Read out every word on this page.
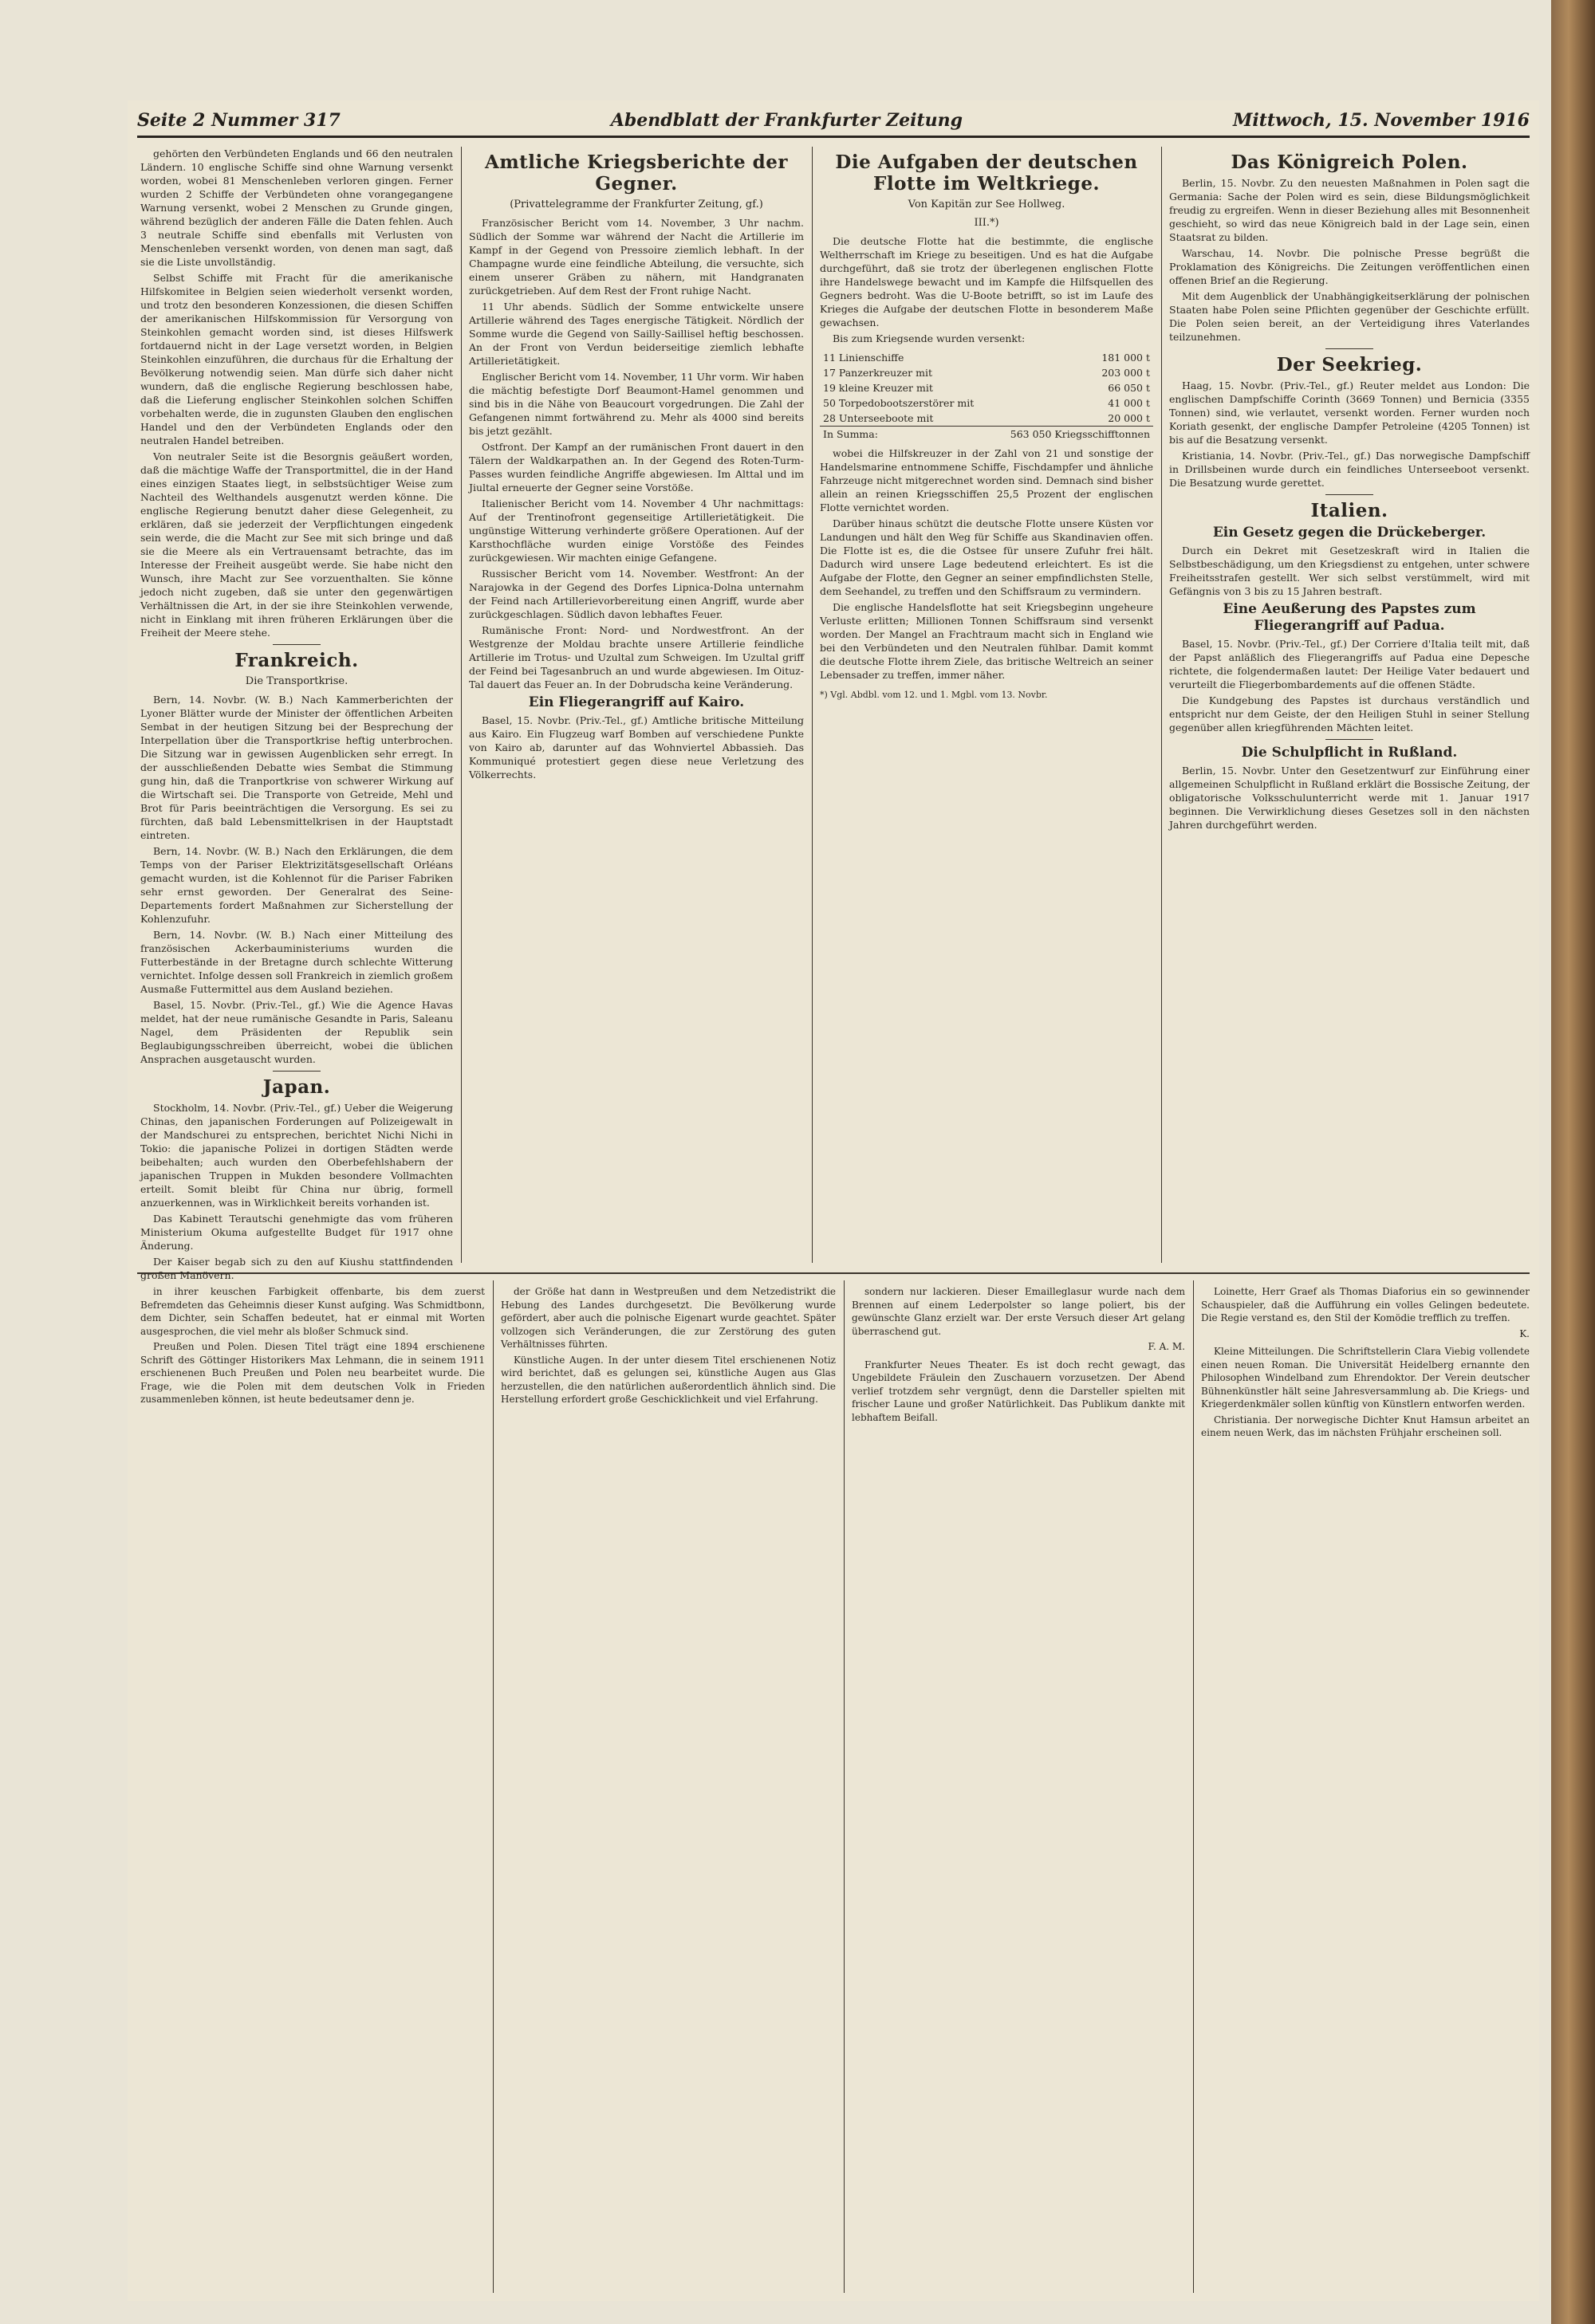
Seite 2 Nummer 317	Abendblatt der Frankfurter Zeitung	Mittwoch, 15. November 1916

gehörten den Verbündeten Englands und 66 den neutralen Ländern. 10 englische Schiffe sind ohne Warnung versenkt worden, wobei 81 Menschenleben verloren gingen. Ferner wurden 2 Schiffe der Verbündeten ohne vorangegangene Warnung versenkt, wobei 2 Menschen zu Grunde gingen, während bezüglich der anderen Fälle die Daten fehlen. Auch 3 neutrale Schiffe sind ebenfalls mit Verlusten von Menschenleben versenkt worden, von denen man sagt, daß sie die Liste unvollständig.

Selbst Schiffe mit Fracht für die amerikanische Hilfskomitee in Belgien seien wiederholt versenkt worden, und trotz den besonderen Konzessionen, die diesen Schiffen der amerikanischen Hilfskommission für Versorgung von Steinkohlen gemacht worden sind, ist dieses Hilfswerk fortdauernd nicht in der Lage versetzt worden, in Belgien Steinkohlen einzuführen, die durchaus für die Erhaltung der Bevölkerung notwendig seien. Man dürfe sich daher nicht wundern, daß die englische Regierung beschlossen habe, daß die Lieferung englischer Steinkohlen solchen Schiffen vorbehalten werde, die in zugunsten Glauben den englischen Handel und den der Verbündeten Englands oder den neutralen Handel betreiben.

Von neutraler Seite ist die Besorgnis geäußert worden, daß die mächtige Waffe der Transportmittel, die in der Hand eines einzigen Staates liegt, in selbstsüchtiger Weise zum Nachteil des Welthandels ausgenutzt werden könne. Die englische Regierung benutzt daher diese Gelegenheit, zu erklären, daß sie jederzeit der Verpflichtungen eingedenk sein werde, die die Macht zur See mit sich bringe und daß sie die Meere als ein Vertrauensamt betrachte, das im Interesse der Freiheit ausgeübt werde. Sie habe nicht den Wunsch, ihre Macht zur See vorzuenthalten. Sie könne jedoch nicht zugeben, daß sie unter den gegenwärtigen Verhältnissen die Art, in der sie ihre Steinkohlen verwende, nicht in Einklang mit ihren früheren Erklärungen über die Freiheit der Meere stehe.

Frankreich.
Die Transportkrise.

Bern, 14. Novbr. (W. B.) Nach Kammerberichten der Lyoner Blätter wurde der Minister der öffentlichen Arbeiten Sembat in der heutigen Sitzung bei der Besprechung der Interpellation über die Transportkrise heftig unterbrochen. Die Sitzung war in gewissen Augenblicken sehr erregt. In der ausschließenden Debatte wies Sembat die Stimmung gung hin, daß die Tranportkrise von schwerer Wirkung auf die Wirtschaft sei. Die Transporte von Getreide, Mehl und Brot für Paris beeinträchtigen die Versorgung. Es sei zu fürchten, daß bald Lebensmittelkrisen in der Hauptstadt eintreten.

Bern, 14. Novbr. (W. B.) Nach den Erklärungen, die dem Temps von der Pariser Elektrizitätsgesellschaft Orléans gemacht wurden, ist die Kohlennot für die Pariser Fabriken sehr ernst geworden. Der Generalrat des Seine-Departements fordert Maßnahmen zur Sicherstellung der Kohlenzufuhr.

Bern, 14. Novbr. (W. B.) Nach einer Mitteilung des französischen Ackerbauministeriums wurden die Futterbestände in der Bretagne durch schlechte Witterung vernichtet. Infolge dessen soll Frankreich in ziemlich großem Ausmaße Futtermittel aus dem Ausland beziehen.

Basel, 15. Novbr. (Priv.-Tel., gf.) Wie die Agence Havas meldet, hat der neue rumänische Gesandte in Paris, Saleanu Nagel, dem Präsidenten der Republik sein Beglaubigungsschreiben überreicht, wobei die üblichen Ansprachen ausgetauscht wurden.

Japan.

Stockholm, 14. Novbr. (Priv.-Tel., gf.) Ueber die Weigerung Chinas, den japanischen Forderungen auf Polizeigewalt in der Mandschurei zu entsprechen, berichtet Nichi Nichi in Tokio: die japanische Polizei in dortigen Städten werde beibehalten; auch wurden den Oberbefehlshabern der japanischen Truppen in Mukden besondere Vollmachten erteilt. Somit bleibt für China nur übrig, formell anzuerkennen, was in Wirklichkeit bereits vorhanden ist.

Das Kabinett Terautschi genehmigte das vom früheren Ministerium Okuma aufgestellte Budget für 1917 ohne Änderung.

Der Kaiser begab sich zu den auf Kiushu stattfindenden großen Manövern.

Amtliche Kriegsberichte der Gegner.
(Privattelegramme der Frankfurter Zeitung, gf.)

Französischer Bericht vom 14. November, 3 Uhr nachm. Südlich der Somme war während der Nacht die Artillerie im Kampf in der Gegend von Pressoire ziemlich lebhaft. In der Champagne wurde eine feindliche Abteilung, die versuchte, sich einem unserer Gräben zu nähern, mit Handgranaten zurückgetrieben. Auf dem Rest der Front ruhige Nacht.

11 Uhr abends. Südlich der Somme entwickelte unsere Artillerie während des Tages energische Tätigkeit. Nördlich der Somme wurde die Gegend von Sailly-Saillisel heftig beschossen. An der Front von Verdun beiderseitige ziemlich lebhafte Artillerietätigkeit.

Englischer Bericht vom 14. November, 11 Uhr vorm. Wir haben die mächtig befestigte Dorf Beaumont-Hamel genommen und sind bis in die Nähe von Beaucourt vorgedrungen. Die Zahl der Gefangenen nimmt fortwährend zu. Mehr als 4000 sind bereits bis jetzt gezählt.

Ostfront. Der Kampf an der rumänischen Front dauert in den Tälern der Waldkarpathen an. In der Gegend des Roten-Turm-Passes wurden feindliche Angriffe abgewiesen. Im Alttal und im Jiultal erneuerte der Gegner seine Vorstöße.

Italienischer Bericht vom 14. November 4 Uhr nachmittags: Auf der Trentinofront gegenseitige Artillerietätigkeit. Die ungünstige Witterung verhinderte größere Operationen. Auf der Karsthochfläche wurden einige Vorstöße des Feindes zurückgewiesen. Wir machten einige Gefangene.

Russischer Bericht vom 14. November. Westfront: An der Narajowka in der Gegend des Dorfes Lipnica-Dolna unternahm der Feind nach Artillerievorbereitung einen Angriff, wurde aber zurückgeschlagen. Südlich davon lebhaftes Feuer.

Rumänische Front: Nord- und Nordwestfront. An der Westgrenze der Moldau brachte unsere Artillerie feindliche Artillerie im Trotus- und Uzultal zum Schweigen. Im Uzultal griff der Feind bei Tagesanbruch an und wurde abgewiesen. Im Oituz-Tal dauert das Feuer an. In der Dobrudscha keine Veränderung.

Ein Fliegerangriff auf Kairo.

Basel, 15. Novbr. (Priv.-Tel., gf.) Amtliche britische Mitteilung aus Kairo. Ein Flugzeug warf Bomben auf verschiedene Punkte von Kairo ab, darunter auf das Wohnviertel Abbassieh. Das Kommuniqué protestiert gegen diese neue Verletzung des Völkerrechts.

Die Aufgaben der deutschen Flotte im Weltkriege.
Von Kapitän zur See Hollweg.
III.*)

Die deutsche Flotte hat die bestimmte, die englische Weltherrschaft im Kriege zu beseitigen. Und es hat die Aufgabe durchgeführt, daß sie trotz der überlegenen englischen Flotte ihre Handelswege bewacht und im Kampfe die Hilfsquellen des Gegners bedroht. Was die U-Boote betrifft, so ist im Laufe des Krieges die Aufgabe der deutschen Flotte in besonderem Maße gewachsen.

Bis zum Kriegsende wurden versenkt:

11 Linienschiffe	181 000 t
17 Panzerkreuzer mit	203 000 t
19 kleine Kreuzer mit	66 050 t
50 Torpedobootszerstörer mit	41 000 t
28 Unterseeboote mit	20 000 t
In Summa:	563 050 Kriegsschifftonnen

wobei die Hilfskreuzer in der Zahl von 21 und sonstige der Handelsmarine entnommene Schiffe, Fischdampfer und ähnliche Fahrzeuge nicht mitgerechnet worden sind. Demnach sind bisher allein an reinen Kriegsschiffen 25,5 Prozent der englischen Flotte vernichtet worden.

Darüber hinaus schützt die deutsche Flotte unsere Küsten vor Landungen und hält den Weg für Schiffe aus Skandinavien offen. Die Flotte ist es, die die Ostsee für unsere Zufuhr frei hält. Dadurch wird unsere Lage bedeutend erleichtert. Es ist die Aufgabe der Flotte, den Gegner an seiner empfindlichsten Stelle, dem Seehandel, zu treffen und den Schiffsraum zu vermindern.

Die englische Handelsflotte hat seit Kriegsbeginn ungeheure Verluste erlitten; Millionen Tonnen Schiffsraum sind versenkt worden. Der Mangel an Frachtraum macht sich in England wie bei den Verbündeten und den Neutralen fühlbar. Damit kommt die deutsche Flotte ihrem Ziele, das britische Weltreich an seiner Lebensader zu treffen, immer näher.

*) Vgl. Abdbl. vom 12. und 1. Mgbl. vom 13. Novbr.
Das Königreich Polen.

Berlin, 15. Novbr. Zu den neuesten Maßnahmen in Polen sagt die Germania: Sache der Polen wird es sein, diese Bildungsmöglichkeit freudig zu ergreifen. Wenn in dieser Beziehung alles mit Besonnenheit geschieht, so wird das neue Königreich bald in der Lage sein, einen Staatsrat zu bilden.

Warschau, 14. Novbr. Die polnische Presse begrüßt die Proklamation des Königreichs. Die Zeitungen veröffentlichen einen offenen Brief an die Regierung.

Mit dem Augenblick der Unabhängigkeitserklärung der polnischen Staaten habe Polen seine Pflichten gegenüber der Geschichte erfüllt. Die Polen seien bereit, an der Verteidigung ihres Vaterlandes teilzunehmen.

Der Seekrieg.

Haag, 15. Novbr. (Priv.-Tel., gf.) Reuter meldet aus London: Die englischen Dampfschiffe Corinth (3669 Tonnen) und Bernicia (3355 Tonnen) sind, wie verlautet, versenkt worden. Ferner wurden noch Koriath gesenkt, der englische Dampfer Petroleine (4205 Tonnen) ist bis auf die Besatzung versenkt.

Kristiania, 14. Novbr. (Priv.-Tel., gf.) Das norwegische Dampfschiff in Drillsbeinen wurde durch ein feindliches Unterseeboot versenkt. Die Besatzung wurde gerettet.

Italien.
Ein Gesetz gegen die Drückeberger.

Durch ein Dekret mit Gesetzeskraft wird in Italien die Selbstbeschädigung, um den Kriegsdienst zu entgehen, unter schwere Freiheitsstrafen gestellt. Wer sich selbst verstümmelt, wird mit Gefängnis von 3 bis zu 15 Jahren bestraft.

Eine Aeußerung des Papstes zum Fliegerangriff auf Padua.

Basel, 15. Novbr. (Priv.-Tel., gf.) Der Corriere d'Italia teilt mit, daß der Papst anläßlich des Fliegerangriffs auf Padua eine Depesche richtete, die folgendermaßen lautet: Der Heilige Vater bedauert und verurteilt die Fliegerbombardements auf die offenen Städte.

Die Kundgebung des Papstes ist durchaus verständlich und entspricht nur dem Geiste, der den Heiligen Stuhl in seiner Stellung gegenüber allen kriegführenden Mächten leitet.

Die Schulpflicht in Rußland.

Berlin, 15. Novbr. Unter den Gesetzentwurf zur Einführung einer allgemeinen Schulpflicht in Rußland erklärt die Bossische Zeitung, der obligatorische Volksschulunterricht werde mit 1. Januar 1917 beginnen. Die Verwirklichung dieses Gesetzes soll in den nächsten Jahren durchgeführt werden.

in ihrer keuschen Farbigkeit offenbarte, bis dem zuerst Befremdeten das Geheimnis dieser Kunst aufging. Was Schmidtbonn, dem Dichter, sein Schaffen bedeutet, hat er einmal mit Worten ausgesprochen, die viel mehr als bloßer Schmuck sind.

Preußen und Polen. Diesen Titel trägt eine 1894 erschienene Schrift des Göttinger Historikers Max Lehmann, die in seinem 1911 erschienenen Buch Preußen und Polen neu bearbeitet wurde. Die Frage, wie die Polen mit dem deutschen Volk in Frieden zusammenleben können, ist heute bedeutsamer denn je.

der Größe hat dann in Westpreußen und dem Netzedistrikt die Hebung des Landes durchgesetzt. Die Bevölkerung wurde gefördert, aber auch die polnische Eigenart wurde geachtet. Später vollzogen sich Veränderungen, die zur Zerstörung des guten Verhältnisses führten.

Künstliche Augen. In der unter diesem Titel erschienenen Notiz wird berichtet, daß es gelungen sei, künstliche Augen aus Glas herzustellen, die den natürlichen außerordentlich ähnlich sind. Die Herstellung erfordert große Geschicklichkeit und viel Erfahrung.

sondern nur lackieren. Dieser Emailleglasur wurde nach dem Brennen auf einem Lederpolster so lange poliert, bis der gewünschte Glanz erzielt war. Der erste Versuch dieser Art gelang überraschend gut.

F. A. M.

Frankfurter Neues Theater. Es ist doch recht gewagt, das Ungebildete Fräulein den Zuschauern vorzusetzen. Der Abend verlief trotzdem sehr vergnügt, denn die Darsteller spielten mit frischer Laune und großer Natürlichkeit. Das Publikum dankte mit lebhaftem Beifall.

Loinette, Herr Graef als Thomas Diaforius ein so gewinnender Schauspieler, daß die Aufführung ein volles Gelingen bedeutete. Die Regie verstand es, den Stil der Komödie trefflich zu treffen.

K.

Kleine Mitteilungen. Die Schriftstellerin Clara Viebig vollendete einen neuen Roman. Die Universität Heidelberg ernannte den Philosophen Windelband zum Ehrendoktor. Der Verein deutscher Bühnenkünstler hält seine Jahresversammlung ab. Die Kriegs- und Kriegerdenkmäler sollen künftig von Künstlern entworfen werden.

Christiania. Der norwegische Dichter Knut Hamsun arbeitet an einem neuen Werk, das im nächsten Frühjahr erscheinen soll.
